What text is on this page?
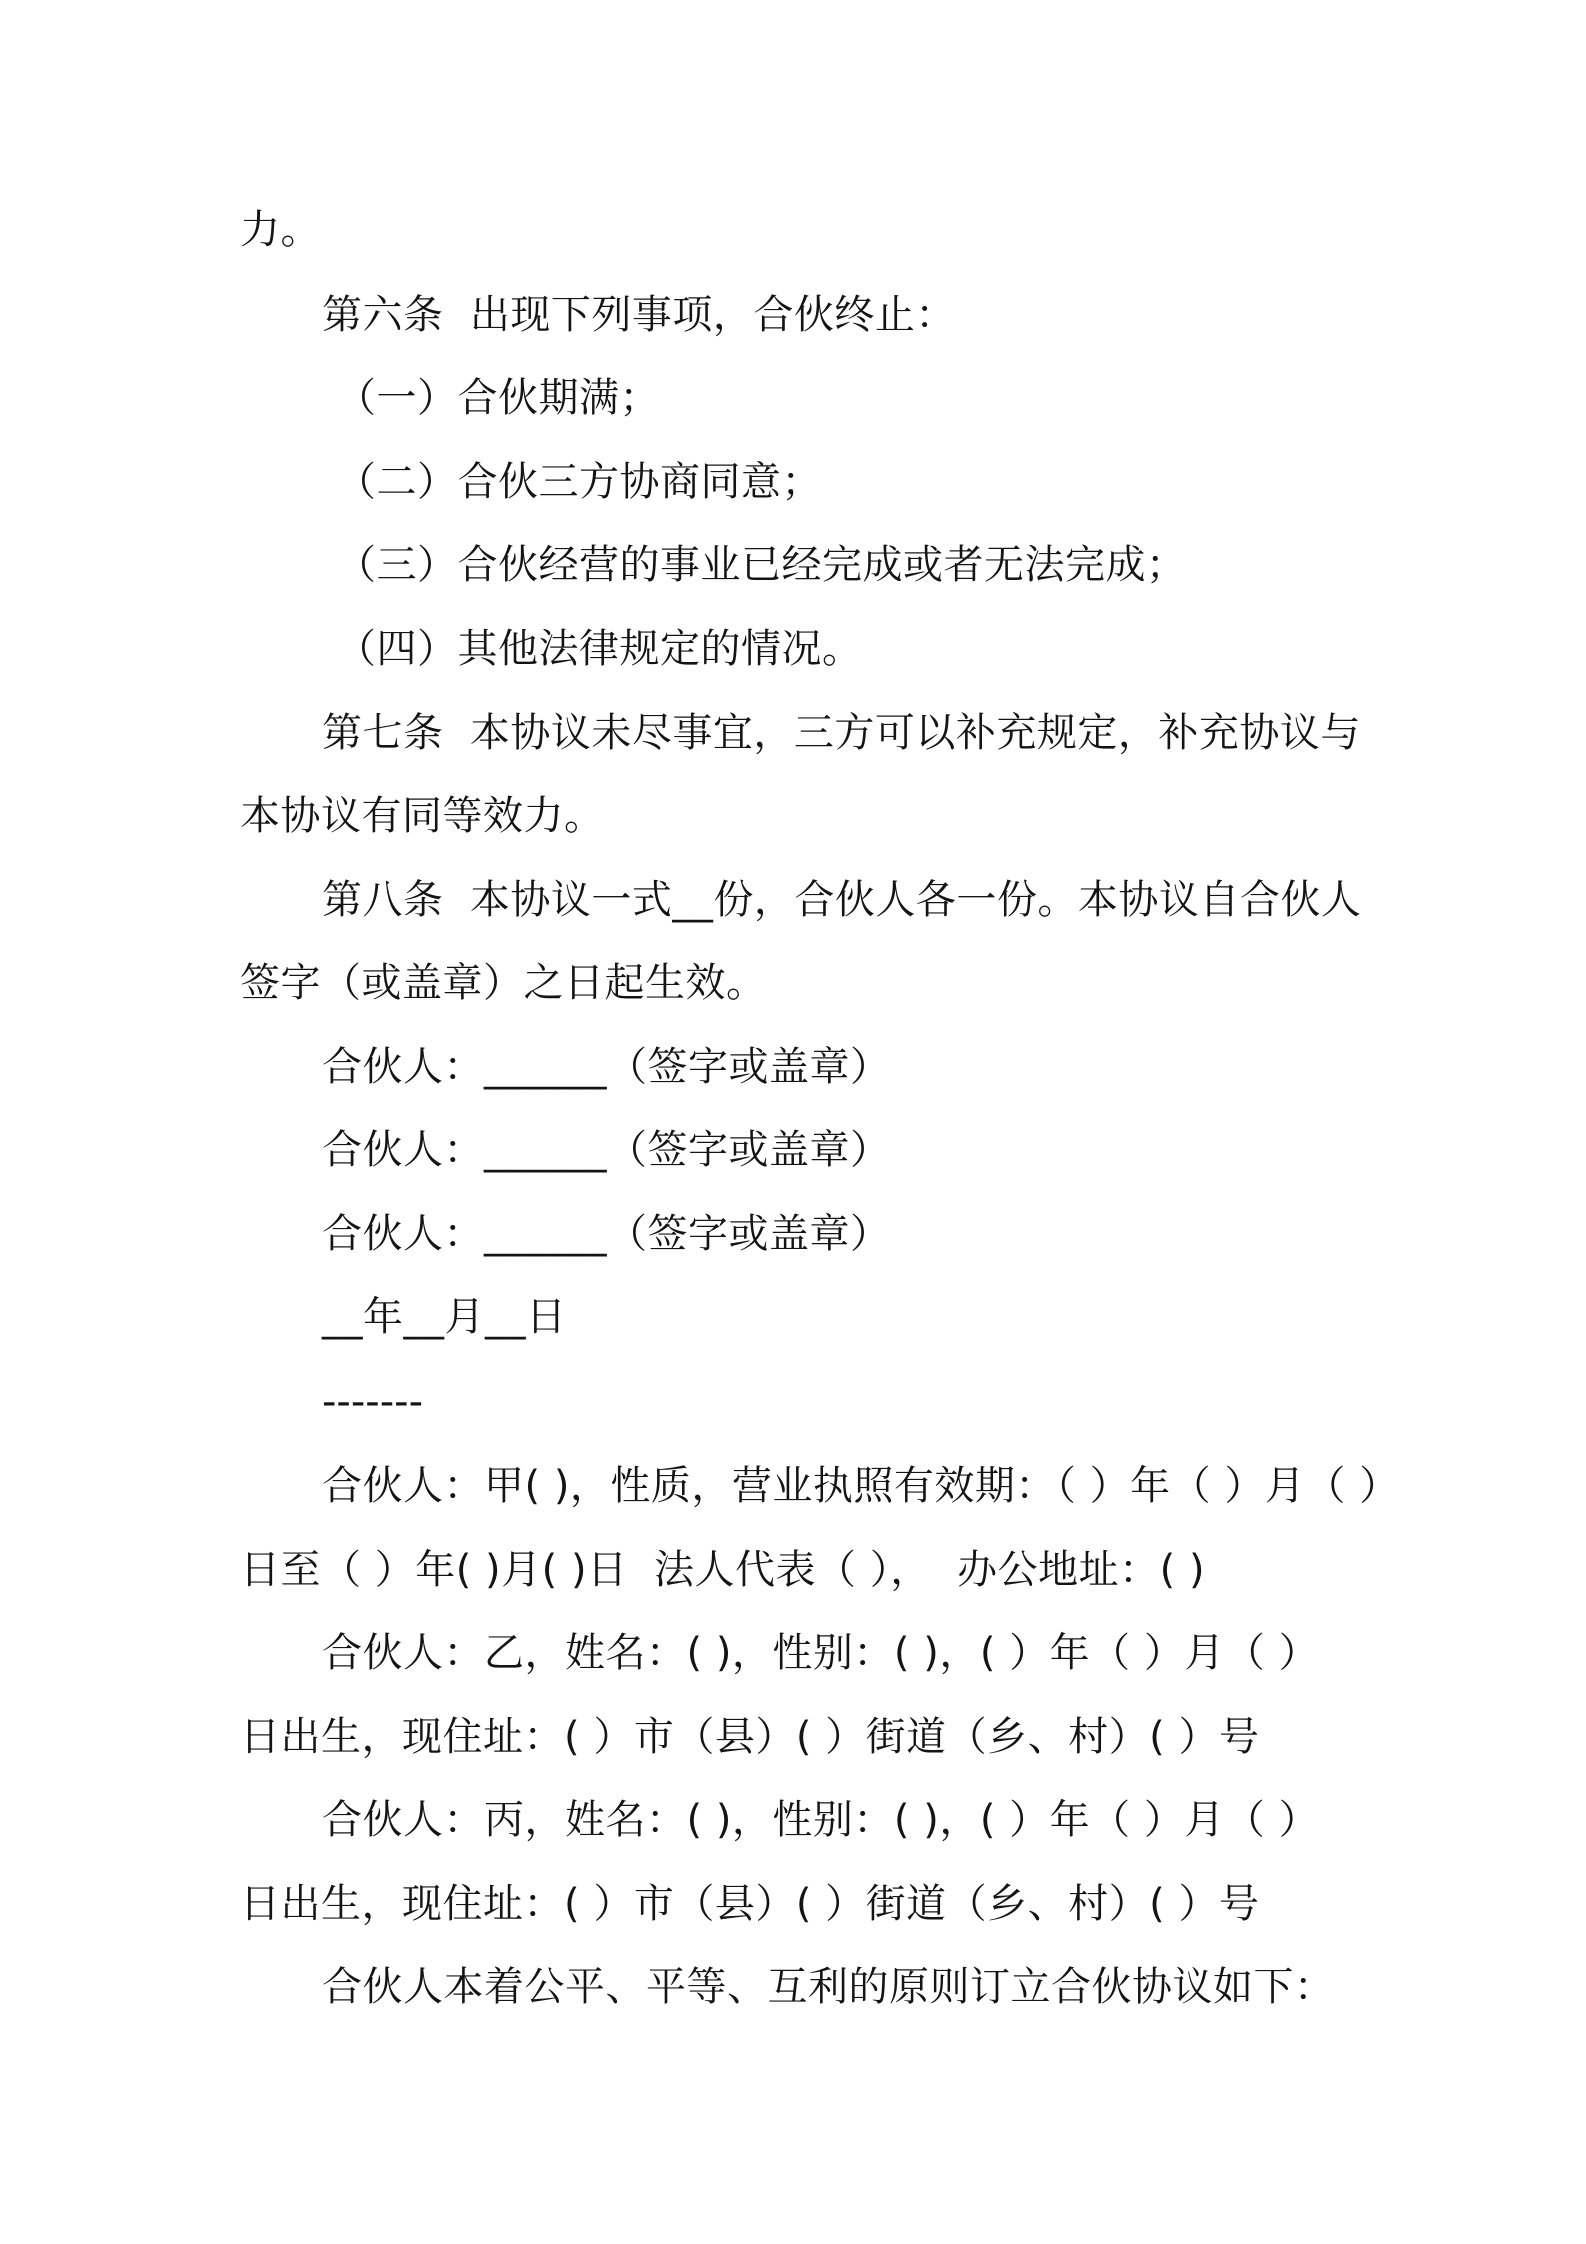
力。
第六条  出现下列事项，合伙终止：
（一）合伙期满；
（二）合伙三方协商同意；
（三）合伙经营的事业已经完成或者无法完成；
（四）其他法律规定的情况。
第七条  本协议未尽事宜，三方可以补充规定，补充协议与
本协议有同等效力。
第八条  本协议一式__份，合伙人各一份。本协议自合伙人
签字（或盖章）之日起生效。
合伙人：______（签字或盖章）
合伙人：______（签字或盖章）
合伙人：______（签字或盖章）
__年__月__日
-------
合伙人：甲( )，性质，营业执照有效期：（ ）年（ ）月（ ）
日至（ ）年( )月( )日  法人代表（ ），  办公地址：( )
合伙人：乙，姓名：( )，性别：( )，( ）年（ ）月（ ）
日出生，现住址：( ）市（县）( ）街道（乡、村）( ）号
合伙人：丙，姓名：( )，性别：( )，( ）年（ ）月（ ）
日出生，现住址：( ）市（县）( ）街道（乡、村）( ）号
合伙人本着公平、平等、互利的原则订立合伙协议如下：
